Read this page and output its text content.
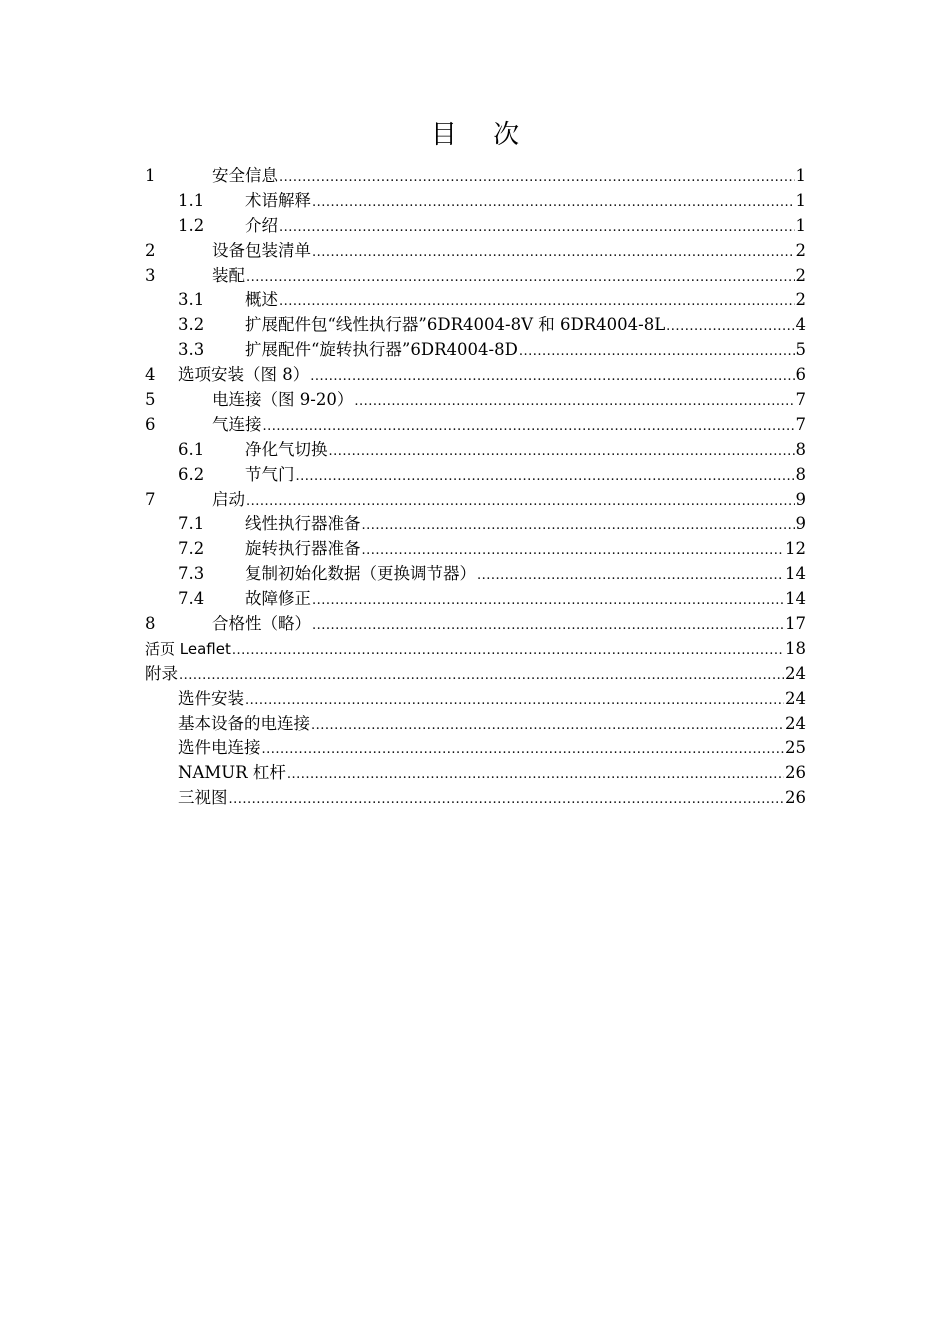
目 次
1	安全信息 .....	1
1.1	术语解释 .....	1
1.2	介绍 .....	1
2	设备包装清单 .....	2
3	装配 .....	2
3.1	概述 .....	2
3.2	扩展配件包“线性执行器”6DR4004-8V 和 6DR4004-8L .....	4
3.3	扩展配件“旋转执行器”6DR4004-8D .....	5
4	选项安装（图 8） .....	6
5	电连接（图 9-20） .....	7
6	气连接 .....	7
6.1	净化气切换 .....	8
6.2	节气门 .....	8
7	启动 .....	9
7.1	线性执行器准备 .....	9
7.2	旋转执行器准备 .....	12
7.3	复制初始化数据（更换调节器） .....	14
7.4	故障修正 .....	14
8	合格性（略） .....	17
活页 Leaflet .....	18
附录 .....	24
选件安装 .....	24
基本设备的电连接 .....	24
选件电连接 .....	25
NAMUR 杠杆 .....	26
三视图 .....	26
